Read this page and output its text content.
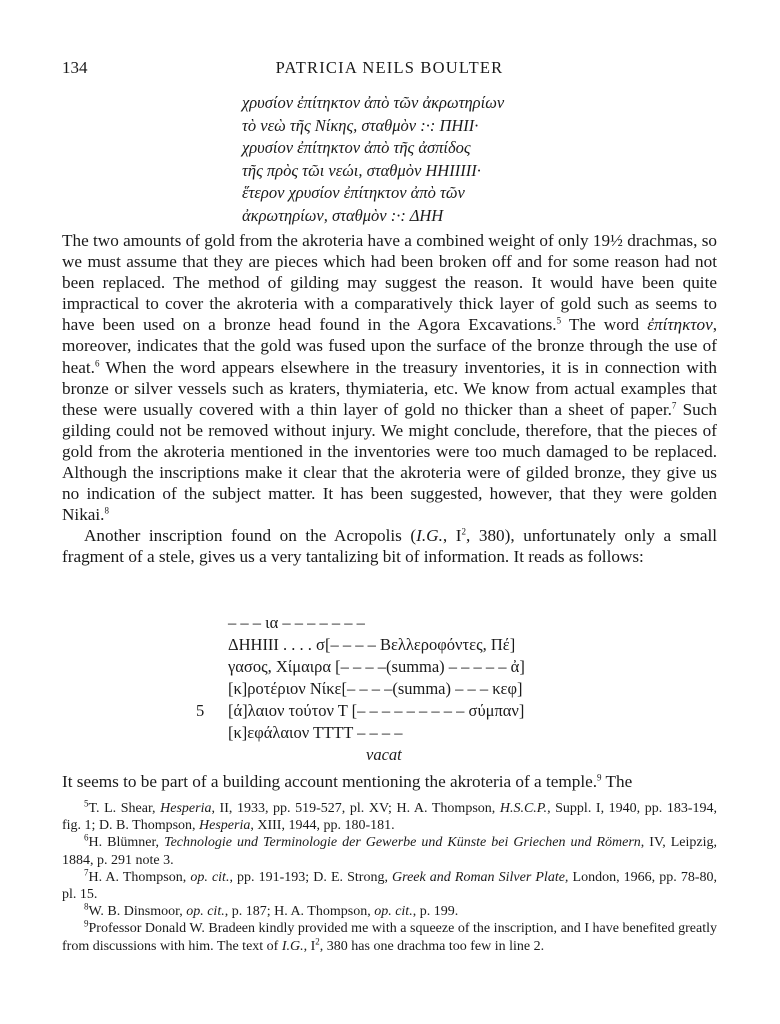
134	PATRICIA NEILS BOULTER
χρυσίον ἐπίτηκτον ἀπὸ τῶν ἀκρωτηρίων
τὸ νεὼ τῆς Νίκης, σταθμὸν :·: ΠΗΙΙ·
χρυσίον ἐπίτηκτον ἀπὸ τῆς ἀσπίδος
τῆς πρὸς τῶι νεώι, σταθμὸν ΗΗΙΙΙΙΙ·
ἕτερον χρυσίον ἐπίτηκτον ἀπὸ τῶν
ἀκρωτηρίων, σταθμὸν :·: ΔΗΗ

The two amounts of gold from the akroteria have a combined weight of only 19½ drachmas, so we must assume that they are pieces which had been broken off and for some reason had not been replaced. The method of gilding may suggest the reason. It would have been quite impractical to cover the akroteria with a comparatively thick layer of gold such as seems to have been used on a bronze head found in the Agora Excavations.$^5$ The word ἐπίτηκτον, moreover, indicates that the gold was fused upon the surface of the bronze through the use of heat.$^6$ When the word appears elsewhere in the treasury inventories, it is in connection with bronze or silver vessels such as kraters, thymiateria, etc. We know from actual examples that these were usually covered with a thin layer of gold no thicker than a sheet of paper.$^7$ Such gilding could not be removed without injury. We might conclude, therefore, that the pieces of gold from the akroteria mentioned in the inventories were too much damaged to be replaced. Although the inscriptions make it clear that the akroteria were of gilded bronze, they give us no indication of the subject matter. It has been suggested, however, that they were golden Nikai.$^8$

Another inscription found on the Acropolis (I.G., $I^2$, 380), unfortunately only a small fragment of a stele, gives us a very tantalizing bit of information. It reads as follows:

– – – ια – – – – – – –
ΔΗΗΙΙΙ . . . . σ[– – – – Βελλεροφόντες, Πέ]
γασος, Χίμαιρα [– – – –(summa) – – – – – ἀ]
[κ]ροτέριον Νίκε[– – – –(summa) – – – κεφ]
5 [ά]λαιον τούτον Τ [– – – – – – – – – σύμπαν]
[κ]εφάλαιον ΤΤΤΤ – – – –
vacat

It seems to be part of a building account mentioning the akroteria of a temple.$^9$ The

$^5$T. L. Shear, Hesperia, II, 1933, pp. 519-527, pl. XV; H. A. Thompson, H.S.C.P., Suppl. I, 1940, pp. 183-194, fig. 1; D. B. Thompson, Hesperia, XIII, 1944, pp. 180-181.

$^6$H. Blümner, Technologie und Terminologie der Gewerbe und Künste bei Griechen und Römern, IV, Leipzig, 1884, p. 291 note 3.

$^7$H. A. Thompson, op. cit., pp. 191-193; D. E. Strong, Greek and Roman Silver Plate, London, 1966, pp. 78-80, pl. 15.

$^8$W. B. Dinsmoor, op. cit., p. 187; H. A. Thompson, op. cit., p. 199.

$^9$Professor Donald W. Bradeen kindly provided me with a squeeze of the inscription, and I have benefited greatly from discussions with him. The text of I.G., $I^2$, 380 has one drachma too few in line 2.
